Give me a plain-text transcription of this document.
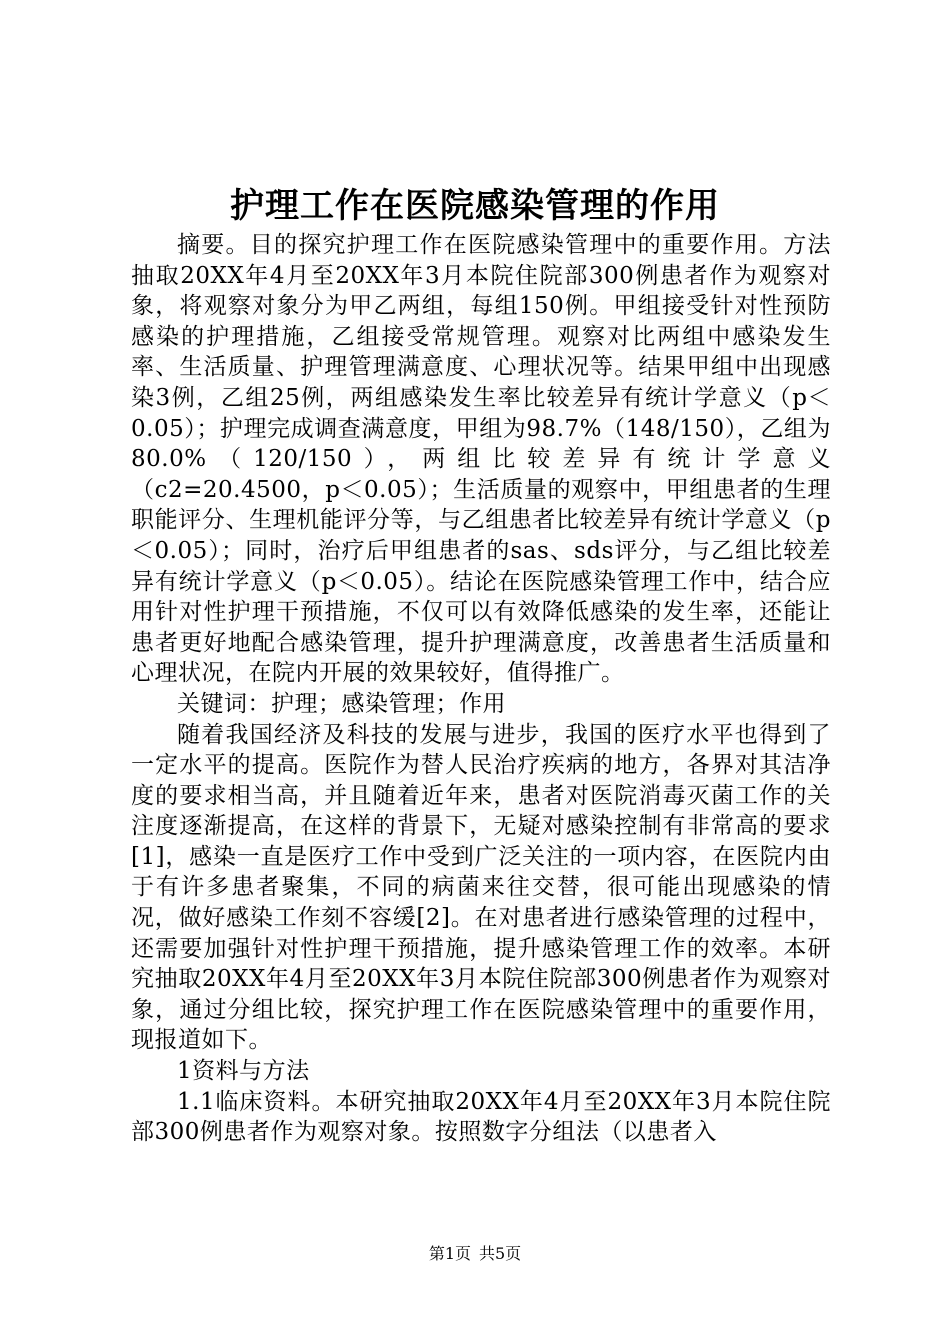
护理工作在医院感染管理的作用

摘要。目的探究护理工作在医院感染管理中的重要作用。方法抽取20XX年4月至20XX年3月本院住院部300例患者作为观察对象，将观察对象分为甲乙两组，每组150例。甲组接受针对性预防感染的护理措施，乙组接受常规管理。观察对比两组中感染发生率、生活质量、护理管理满意度、心理状况等。结果甲组中出现感染3例，乙组25例，两组感染发生率比较差异有统计学意义（p＜0.05）；护理完成调查满意度，甲组为98.7%（148/150），乙组为80.0%（120/150），两组比较差异有统计学意义（c2=20.4500，p＜0.05）；生活质量的观察中，甲组患者的生理职能评分、生理机能评分等，与乙组患者比较差异有统计学意义（p＜0.05）；同时，治疗后甲组患者的sas、sds评分，与乙组比较差异有统计学意义（p＜0.05）。结论在医院感染管理工作中，结合应用针对性护理干预措施，不仅可以有效降低感染的发生率，还能让患者更好地配合感染管理，提升护理满意度，改善患者生活质量和心理状况，在院内开展的效果较好，值得推广。

关键词：护理；感染管理；作用

随着我国经济及科技的发展与进步，我国的医疗水平也得到了一定水平的提高。医院作为替人民治疗疾病的地方，各界对其洁净度的要求相当高，并且随着近年来，患者对医院消毒灭菌工作的关注度逐渐提高，在这样的背景下，无疑对感染控制有非常高的要求[1]，感染一直是医疗工作中受到广泛关注的一项内容，在医院内由于有许多患者聚集，不同的病菌来往交替，很可能出现感染的情况，做好感染工作刻不容缓[2]。在对患者进行感染管理的过程中，还需要加强针对性护理干预措施，提升感染管理工作的效率。本研究抽取20XX年4月至20XX年3月本院住院部300例患者作为观察对象，通过分组比较，探究护理工作在医院感染管理中的重要作用，现报道如下。

1资料与方法

1.1临床资料。本研究抽取20XX年4月至20XX年3月本院住院部300例患者作为观察对象。按照数字分组法（以患者入

第1页 共5页
